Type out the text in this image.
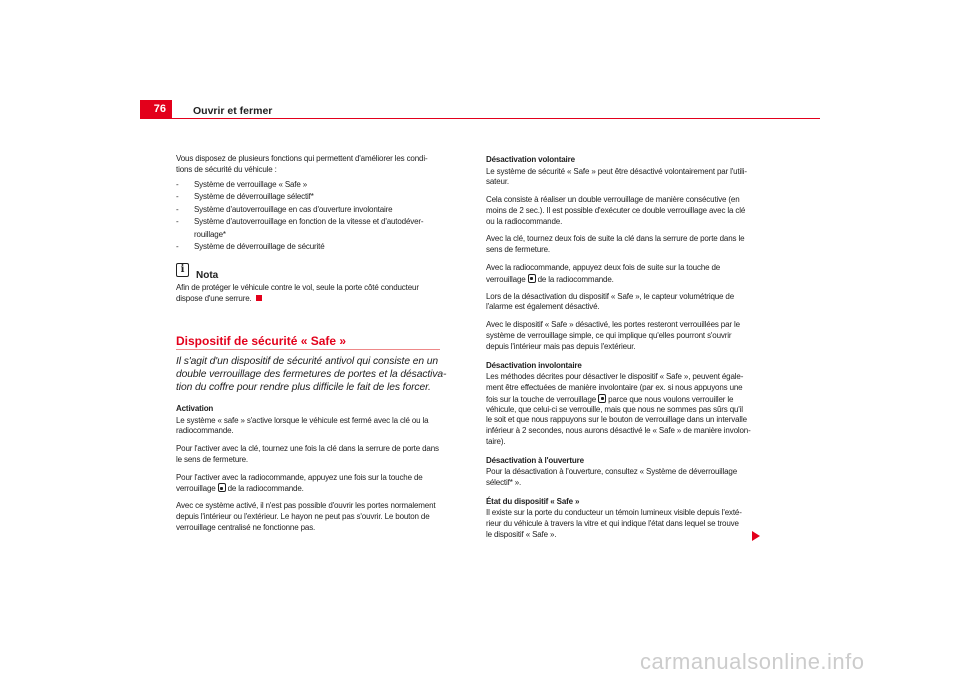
76	Ouvrir et fermer
Vous disposez de plusieurs fonctions qui permettent d'améliorer les condi-
tions de sécurité du véhicule :
- Système de verrouillage « Safe »
- Système de déverrouillage sélectif*
- Système d'autoverrouillage en cas d'ouverture involontaire
- Système d'autoverrouillage en fonction de la vitesse et d'autodéver-
rouillage*
- Système de déverrouillage de sécurité
i
Nota
Afin de protéger le véhicule contre le vol, seule la porte côté conducteur
dispose d'une serrure.
Dispositif de sécurité « Safe »
Il s'agit d'un dispositif de sécurité antivol qui consiste en un
double verrouillage des fermetures de portes et la désactiva-
tion du coffre pour rendre plus difficile le fait de les forcer.
Activation
Le système « safe » s'active lorsque le véhicule est fermé avec la clé ou la
radiocommande.
Pour l'activer avec la clé, tournez une fois la clé dans la serrure de porte dans
le sens de fermeture.
Pour l'activer avec la radiocommande, appuyez une fois sur la touche de
verrouillage de la radiocommande.
Avec ce système activé, il n'est pas possible d'ouvrir les portes normalement
depuis l'intérieur ou l'extérieur. Le hayon ne peut pas s'ouvrir. Le bouton de
verrouillage centralisé ne fonctionne pas.
Désactivation volontaire
Le système de sécurité « Safe » peut être désactivé volontairement par l'utili-
sateur.
Cela consiste à réaliser un double verrouillage de manière consécutive (en
moins de 2 sec.). Il est possible d'exécuter ce double verrouillage avec la clé
ou la radiocommande.
Avec la clé, tournez deux fois de suite la clé dans la serrure de porte dans le
sens de fermeture.
Avec la radiocommande, appuyez deux fois de suite sur la touche de
verrouillage de la radiocommande.
Lors de la désactivation du dispositif « Safe », le capteur volumétrique de
l'alarme est également désactivé.
Avec le dispositif « Safe » désactivé, les portes resteront verrouillées par le
système de verrouillage simple, ce qui implique qu'elles pourront s'ouvrir
depuis l'intérieur mais pas depuis l'extérieur.
Désactivation involontaire
Les méthodes décrites pour désactiver le dispositif « Safe », peuvent égale-
ment être effectuées de manière involontaire (par ex. si nous appuyons une
fois sur la touche de verrouillage parce que nous voulons verrouiller le
véhicule, que celui-ci se verrouille, mais que nous ne sommes pas sûrs qu'il
le soit et que nous rappuyons sur le bouton de verrouillage dans un intervalle
inférieur à 2 secondes, nous aurons désactivé le « Safe » de manière involon-
taire).
Désactivation à l'ouverture
Pour la désactivation à l'ouverture, consultez « Système de déverrouillage
sélectif* ».
État du dispositif « Safe »
Il existe sur la porte du conducteur un témoin lumineux visible depuis l'exté-
rieur du véhicule à travers la vitre et qui indique l'état dans lequel se trouve
le dispositif « Safe ».
carmanualsonline.info
